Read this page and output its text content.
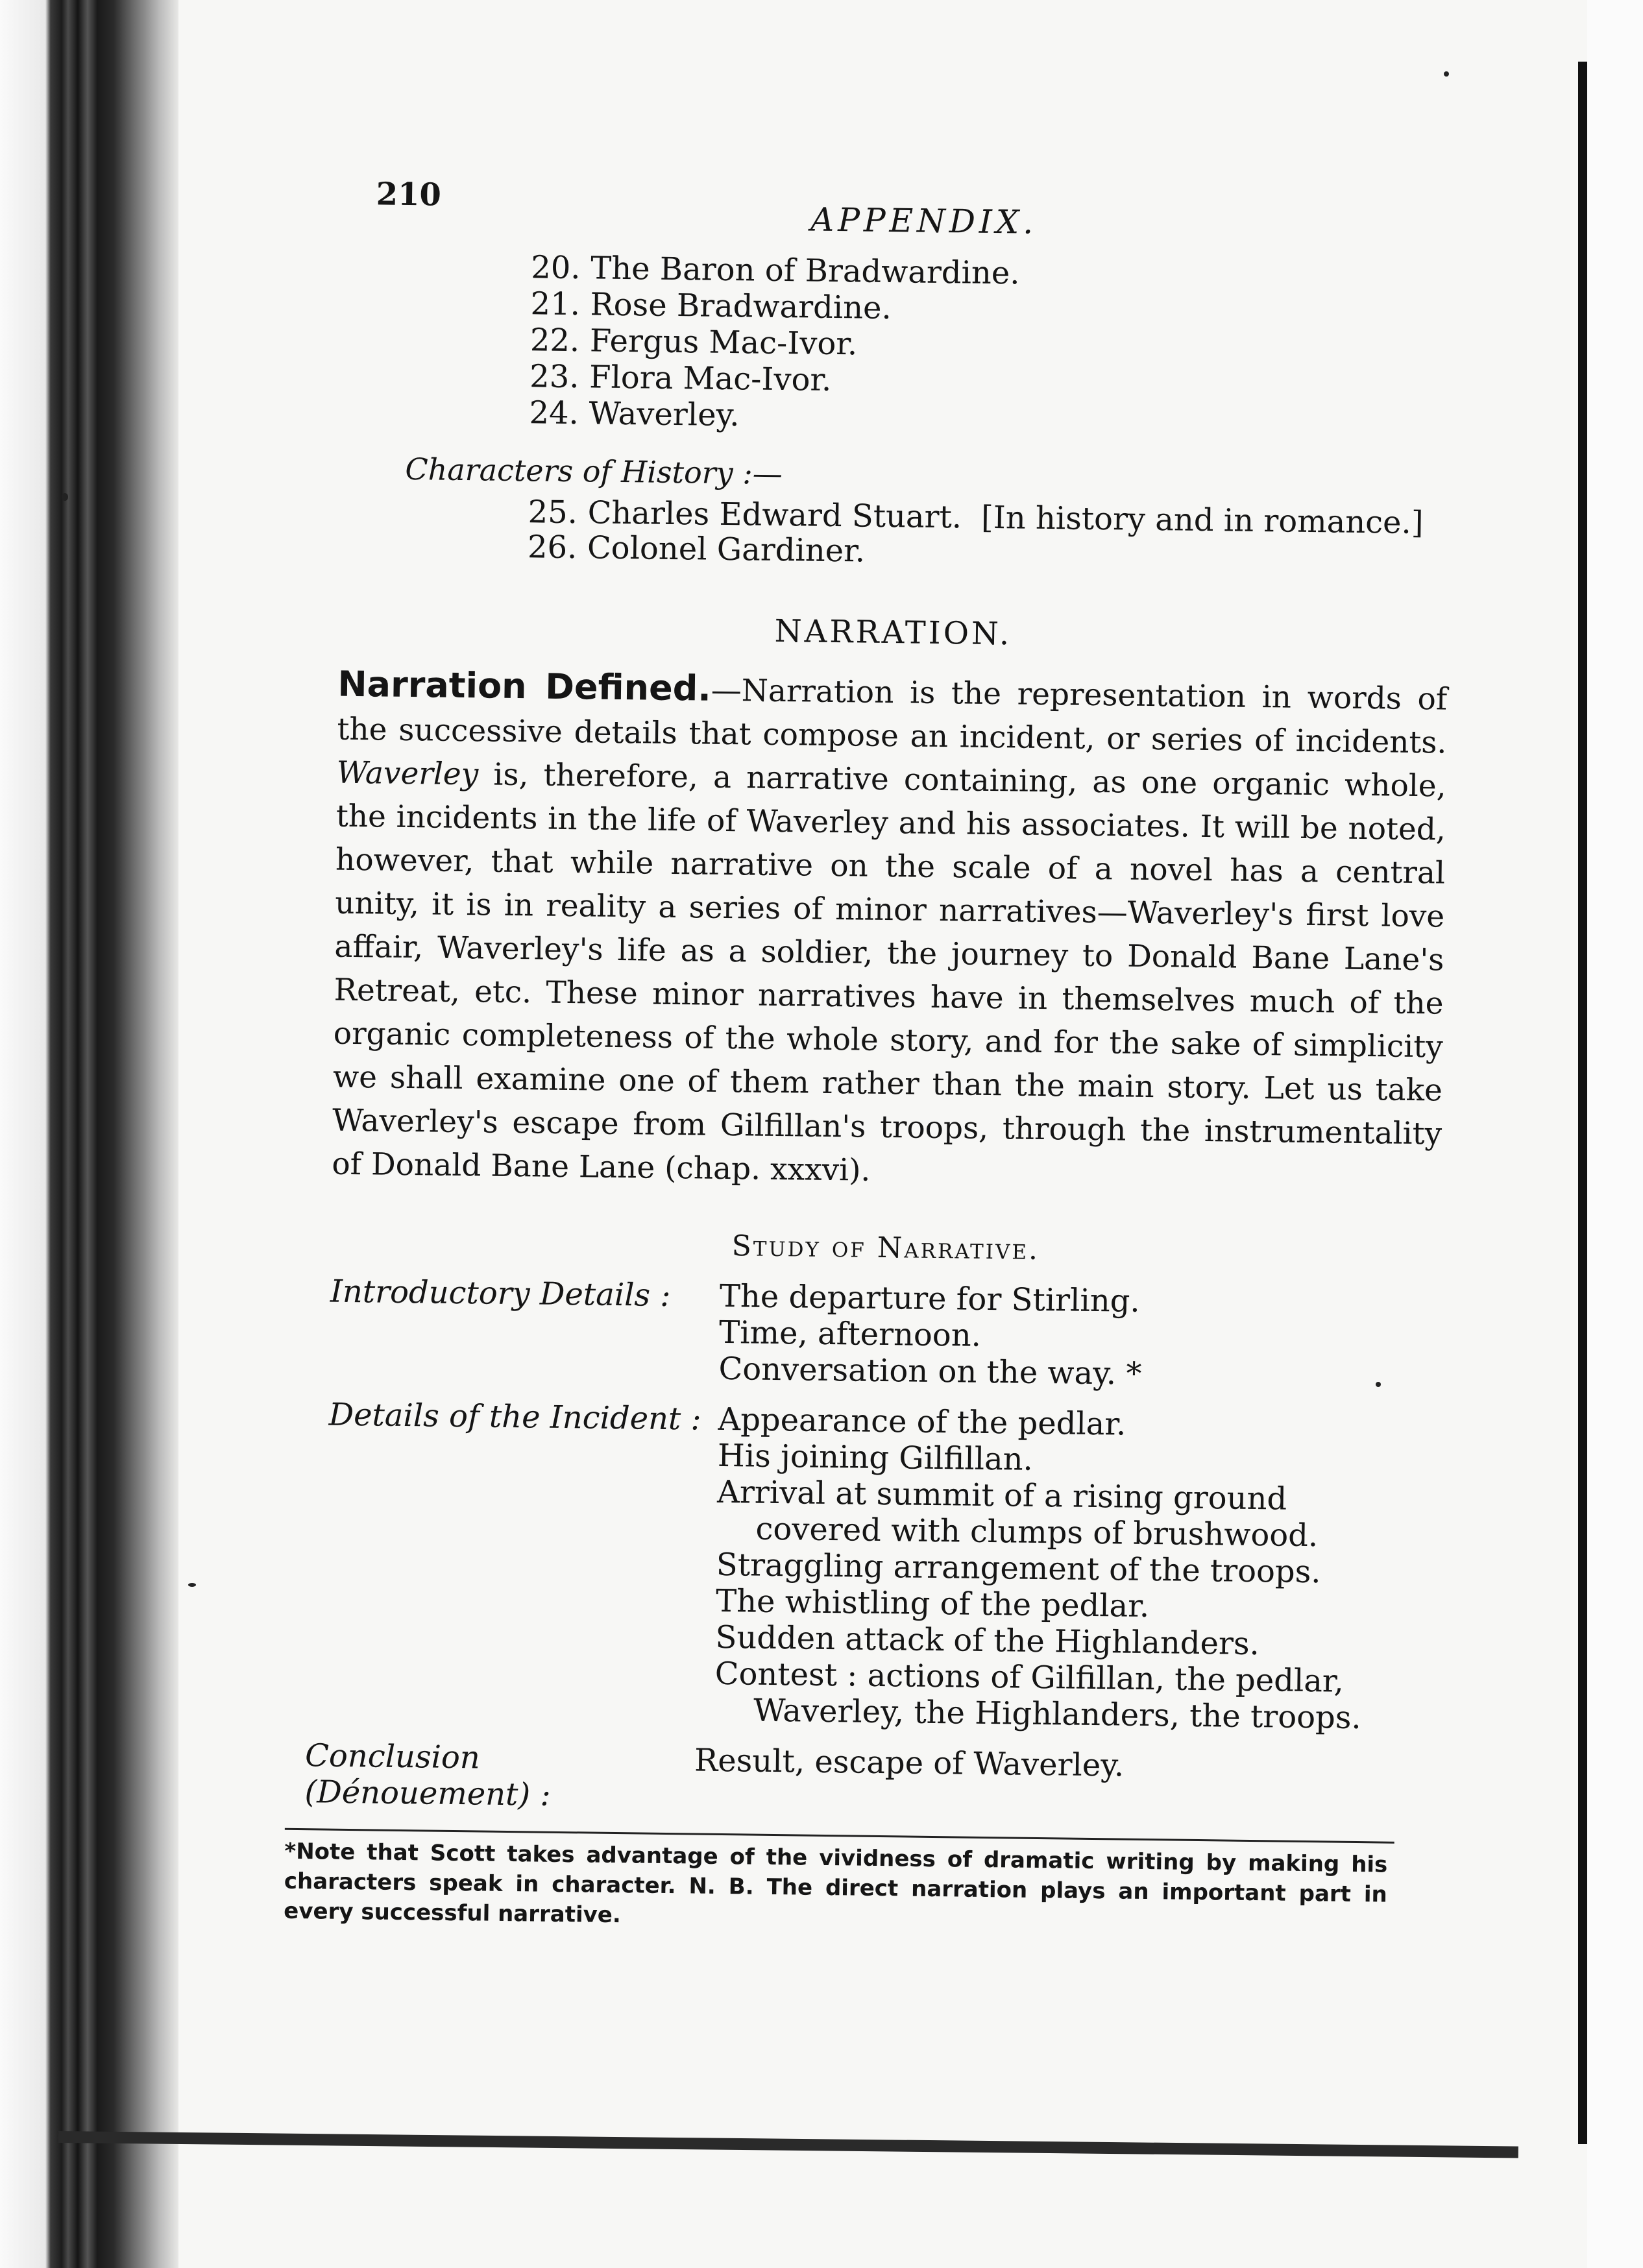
210
APPENDIX.
20. The Baron of Bradwardine.
21. Rose Bradwardine.
22. Fergus Mac-Ivor.
23. Flora Mac-Ivor.
24. Waverley.
Characters of History :—
25. Charles Edward Stuart. [In history and in romance.]
26. Colonel Gardiner.
NARRATION.

Narration Defined.—Narration is the representation in words of the successive details that compose an incident, or series of incidents. Waverley is, therefore, a narrative containing, as one organic whole, the incidents in the life of Waverley and his associates. It will be noted, however, that while narrative on the scale of a novel has a central unity, it is in reality a series of minor narratives—Waverley's first love affair, Waverley's life as a soldier, the journey to Donald Bane Lane's Retreat, etc. These minor narratives have in themselves much of the organic completeness of the whole story, and for the sake of simplicity we shall examine one of them rather than the main story. Let us take Waverley's escape from Gilfillan's troops, through the instrumentality of Donald Bane Lane (chap. xxxvi).

Study of Narrative.
Introductory Details :	The departure for Stirling.
Time, afternoon.
Conversation on the way. *
Details of the Incident : Appearance of the pedlar.
His joining Gilfillan.
Arrival at summit of a rising ground
covered with clumps of brushwood.
Straggling arrangement of the troops.
The whistling of the pedlar.
Sudden attack of the Highlanders.
Contest : actions of Gilfillan, the pedlar,
Waverley, the Highlanders, the troops.
Conclusion (Dénouement) :
Result, escape of Waverley.
*Note that Scott takes advantage of the vividness of dramatic writing by making his characters speak in character. N. B. The direct narration plays an important part in every successful narrative.
